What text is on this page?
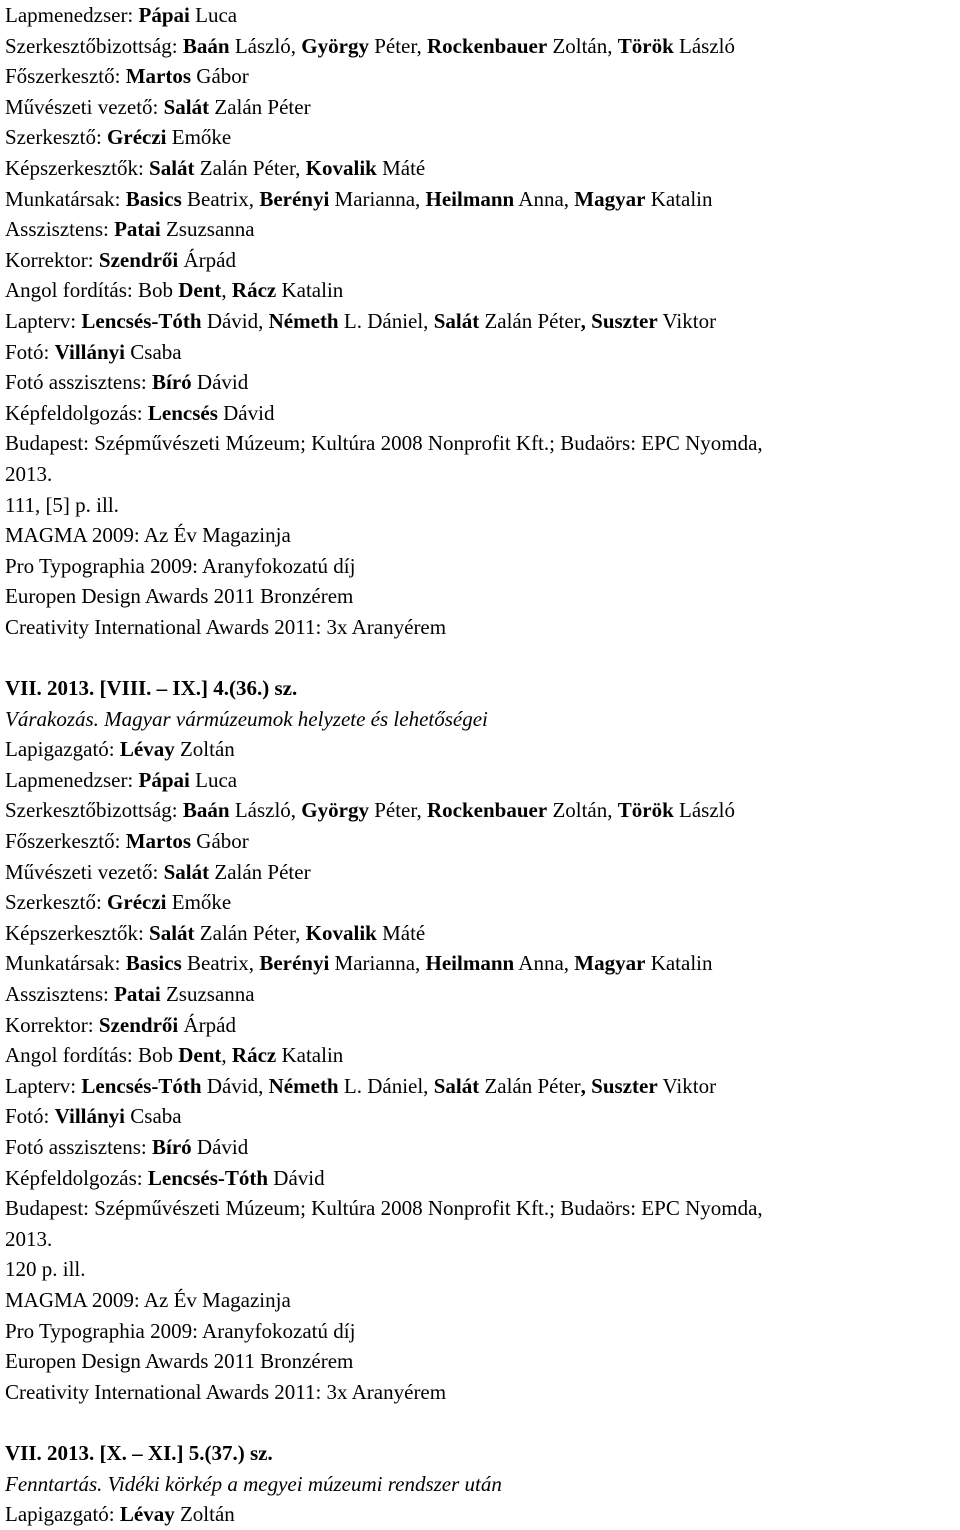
Lapmenedzser: Pápai Luca
Szerkesztőbizottság: Baán László, György Péter, Rockenbauer Zoltán, Török László
Főszerkesztő: Martos Gábor
Művészeti vezető: Salát Zalán Péter
Szerkesztő: Gréczi Emőke
Képszerkesztők: Salát Zalán Péter, Kovalik Máté
Munkatársak: Basics Beatrix, Berényi Marianna, Heilmann Anna, Magyar Katalin
Asszisztens: Patai Zsuzsanna
Korrektor: Szendrői Árpád
Angol fordítás: Bob Dent, Rácz Katalin
Lapterv: Lencsés-Tóth Dávid, Németh L. Dániel, Salát Zalán Péter, Suszter Viktor
Fotó: Villányi Csaba
Fotó asszisztens: Bíró Dávid
Képfeldolgozás: Lencsés Dávid
Budapest: Szépművészeti Múzeum; Kultúra 2008 Nonprofit Kft.; Budaörs: EPC Nyomda,
2013.
111, [5] p. ill.
MAGMA 2009: Az Év Magazinja
Pro Typographia 2009: Aranyfokozatú díj
Europen Design Awards 2011 Bronzérem
Creativity International Awards 2011: 3x Aranyérem
VII. 2013. [VIII. – IX.] 4.(36.) sz.
Várakozás. Magyar vármúzeumok helyzete és lehetőségei
Lapigazgató: Lévay Zoltán
Lapmenedzser: Pápai Luca
Szerkesztőbizottság: Baán László, György Péter, Rockenbauer Zoltán, Török László
Főszerkesztő: Martos Gábor
Művészeti vezető: Salát Zalán Péter
Szerkesztő: Gréczi Emőke
Képszerkesztők: Salát Zalán Péter, Kovalik Máté
Munkatársak: Basics Beatrix, Berényi Marianna, Heilmann Anna, Magyar Katalin
Asszisztens: Patai Zsuzsanna
Korrektor: Szendrői Árpád
Angol fordítás: Bob Dent, Rácz Katalin
Lapterv: Lencsés-Tóth Dávid, Németh L. Dániel, Salát Zalán Péter, Suszter Viktor
Fotó: Villányi Csaba
Fotó asszisztens: Bíró Dávid
Képfeldolgozás: Lencsés-Tóth Dávid
Budapest: Szépművészeti Múzeum; Kultúra 2008 Nonprofit Kft.; Budaörs: EPC Nyomda,
2013.
120 p. ill.
MAGMA 2009: Az Év Magazinja
Pro Typographia 2009: Aranyfokozatú díj
Europen Design Awards 2011 Bronzérem
Creativity International Awards 2011: 3x Aranyérem
VII. 2013. [X. – XI.] 5.(37.) sz.
Fenntartás. Vidéki körkép a megyei múzeumi rendszer után
Lapigazgató: Lévay Zoltán
